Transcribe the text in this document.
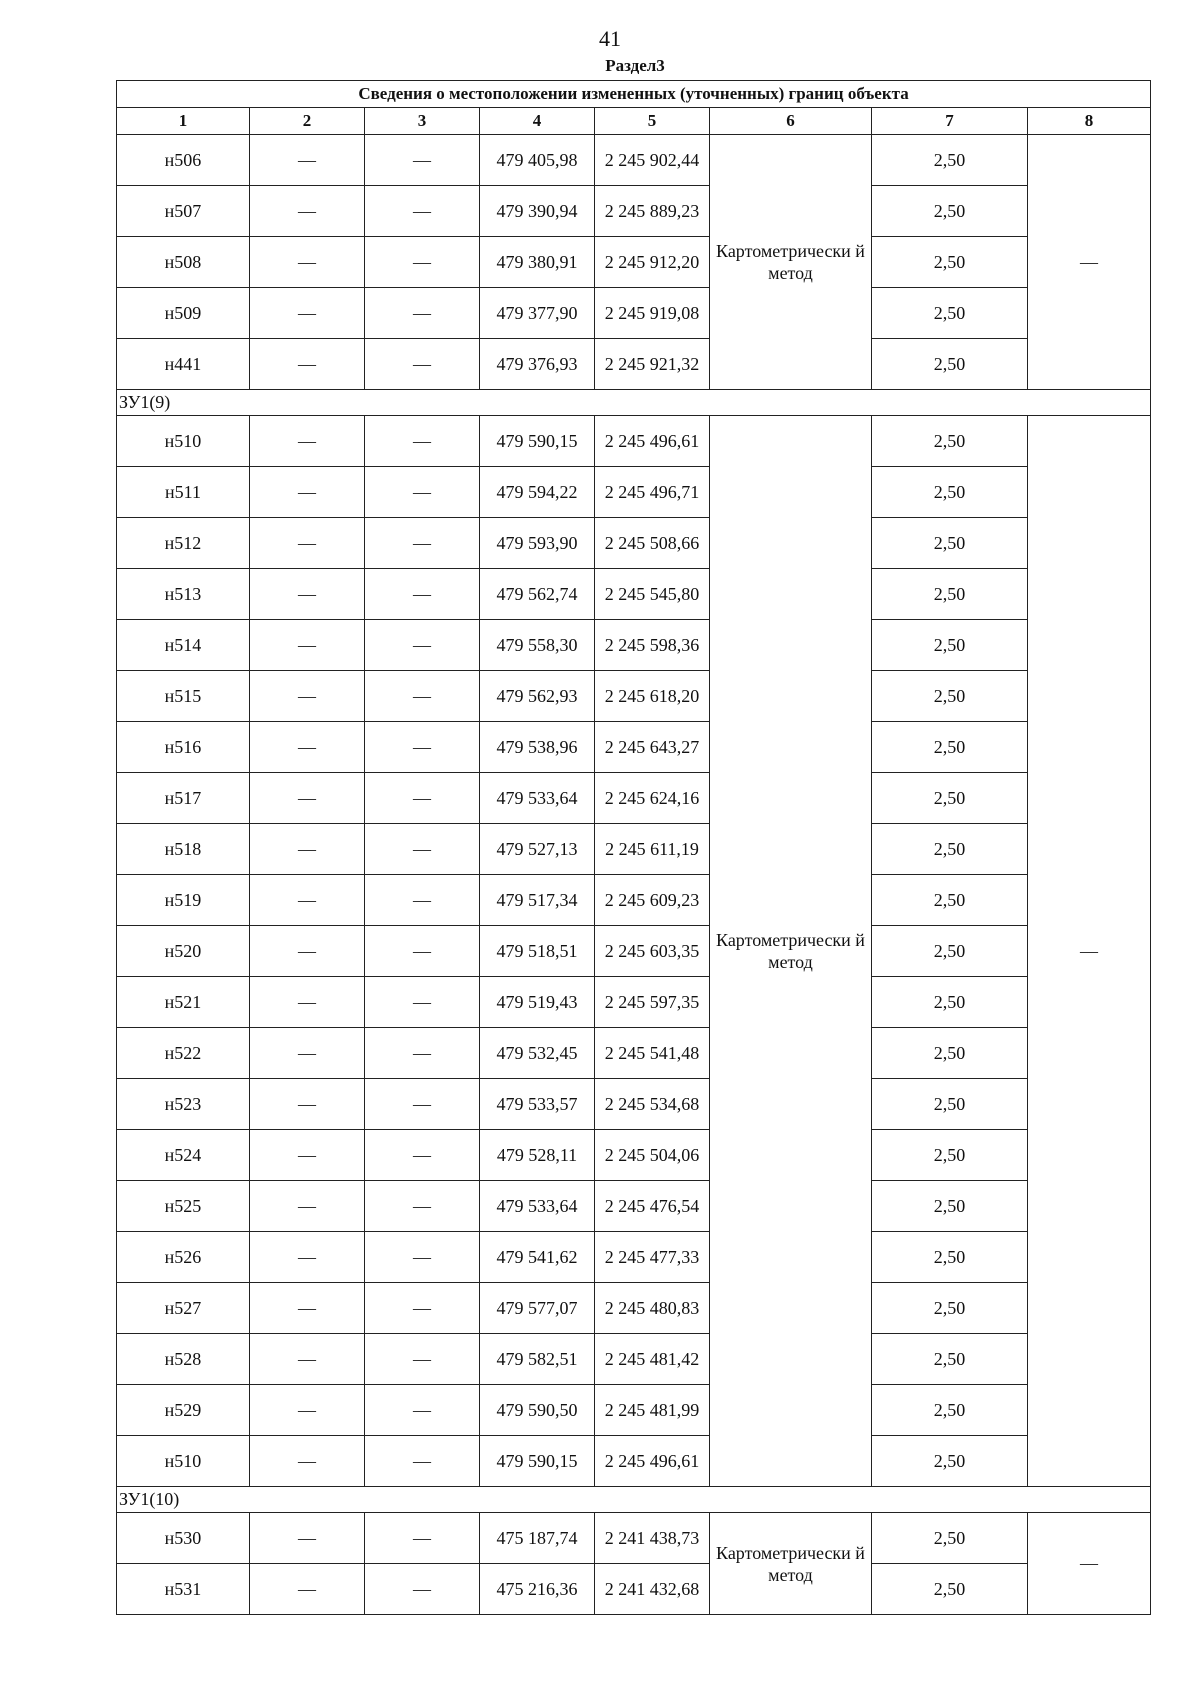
41
Раздел3
Сведения о местоположении измененных (уточненных) границ объекта							
1	2	3	4	5	6	7	8
н506	—	—	479 405,98	2 245 902,44	Картометрически й метод	2,50	—
н507	—	—	479 390,94	2 245 889,23		2,50	
н508	—	—	479 380,91	2 245 912,20		2,50	
н509	—	—	479 377,90	2 245 919,08		2,50	
н441	—	—	479 376,93	2 245 921,32		2,50	
ЗУ1(9)							
н510	—	—	479 590,15	2 245 496,61	Картометрически й метод	2,50	—
н511	—	—	479 594,22	2 245 496,71		2,50	
н512	—	—	479 593,90	2 245 508,66		2,50	
н513	—	—	479 562,74	2 245 545,80		2,50	
н514	—	—	479 558,30	2 245 598,36		2,50	
н515	—	—	479 562,93	2 245 618,20		2,50	
н516	—	—	479 538,96	2 245 643,27		2,50	
н517	—	—	479 533,64	2 245 624,16		2,50	
н518	—	—	479 527,13	2 245 611,19		2,50	
н519	—	—	479 517,34	2 245 609,23		2,50	
н520	—	—	479 518,51	2 245 603,35		2,50	
н521	—	—	479 519,43	2 245 597,35		2,50	
н522	—	—	479 532,45	2 245 541,48		2,50	
н523	—	—	479 533,57	2 245 534,68		2,50	
н524	—	—	479 528,11	2 245 504,06		2,50	
н525	—	—	479 533,64	2 245 476,54		2,50	
н526	—	—	479 541,62	2 245 477,33		2,50	
н527	—	—	479 577,07	2 245 480,83		2,50	
н528	—	—	479 582,51	2 245 481,42		2,50	
н529	—	—	479 590,50	2 245 481,99		2,50	
н510	—	—	479 590,15	2 245 496,61		2,50	
ЗУ1(10)							
н530	—	—	475 187,74	2 241 438,73	Картометрически й метод	2,50	—
н531	—	—	475 216,36	2 241 432,68		2,50	
